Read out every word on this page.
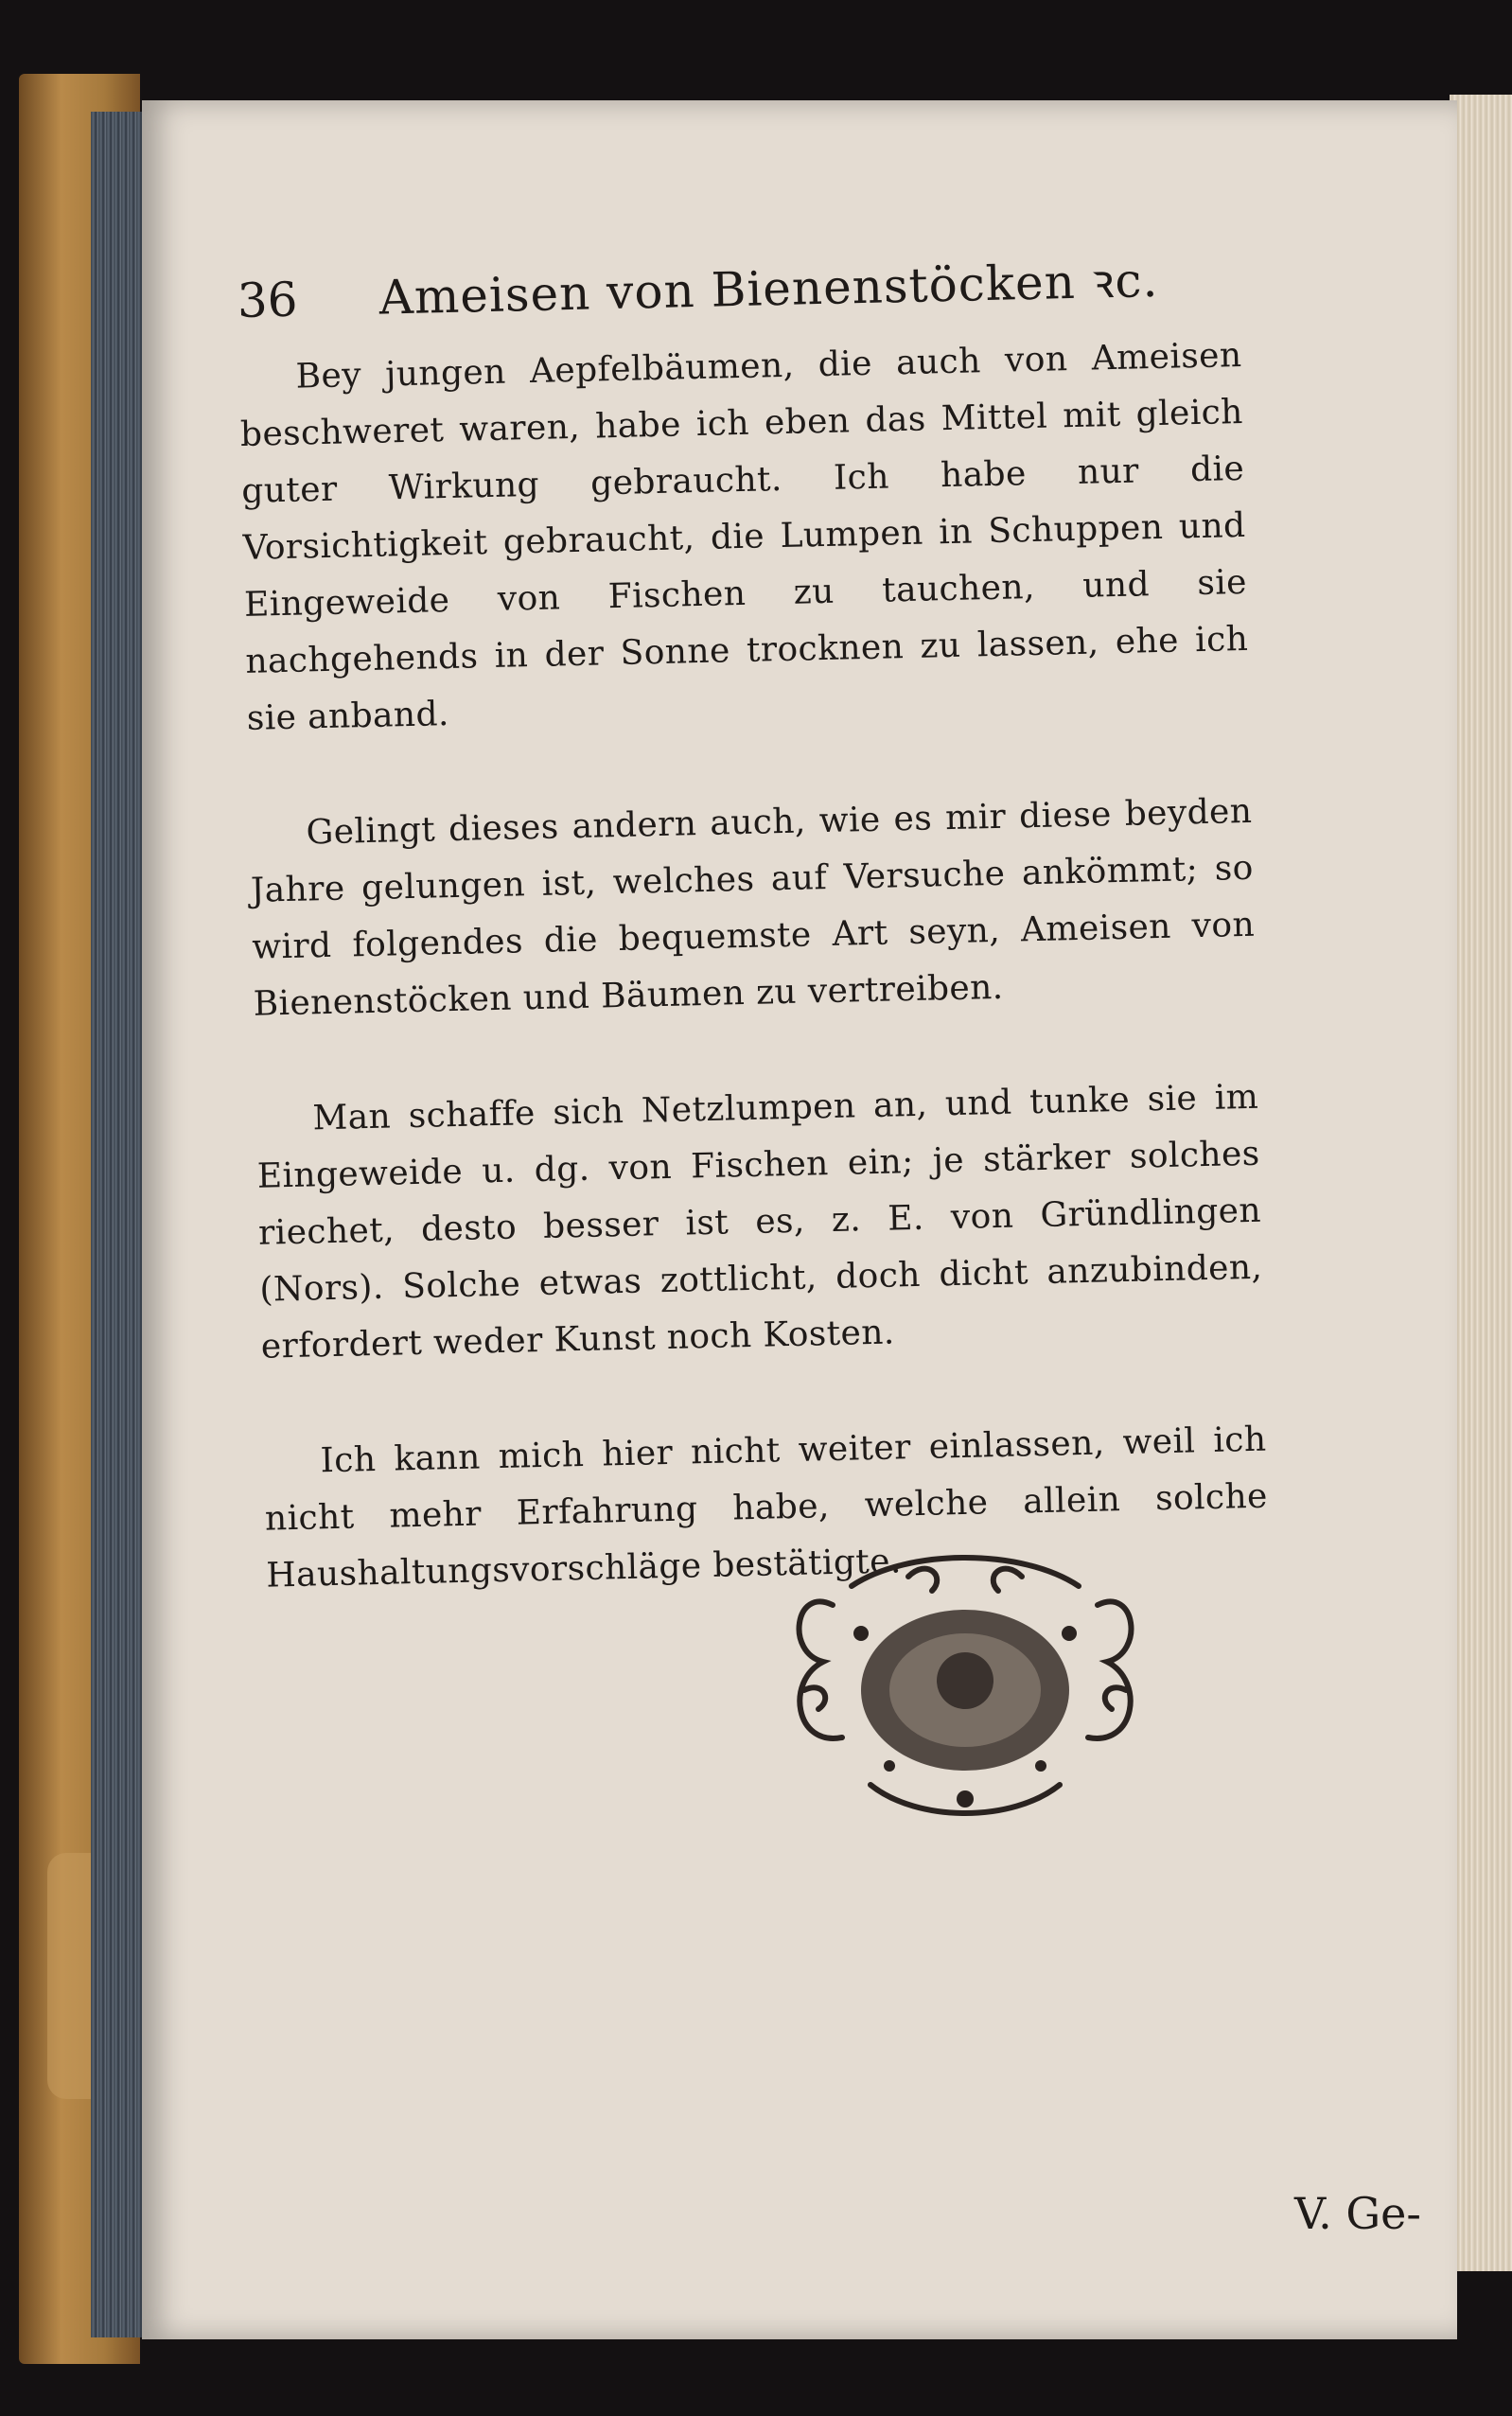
36	Ameisen von Bienenstöcken ꝛc.

Bey jungen Aepfelbäumen, die auch von Ameisen beschweret waren, habe ich eben das Mittel mit gleich guter Wirkung gebraucht. Ich habe nur die Vorsichtigkeit gebraucht, die Lumpen in Schuppen und Eingeweide von Fischen zu tauchen, und sie nachgehends in der Sonne trocknen zu lassen, ehe ich sie anband.

Gelingt dieses andern auch, wie es mir diese beyden Jahre gelungen ist, welches auf Versuche ankömmt; so wird folgendes die bequemste Art seyn, Ameisen von Bienenstöcken und Bäumen zu vertreiben.

Man schaffe sich Netzlumpen an, und tunke sie im Eingeweide u. dg. von Fischen ein; je stärker solches riechet, desto besser ist es, z. E. von Gründlingen (Nors). Solche etwas zottlicht, doch dicht anzubinden, erfordert weder Kunst noch Kosten.

Ich kann mich hier nicht weiter einlassen, weil ich nicht mehr Erfahrung habe, welche allein solche Haushaltungsvorschläge bestätigte.

V. Ge-
